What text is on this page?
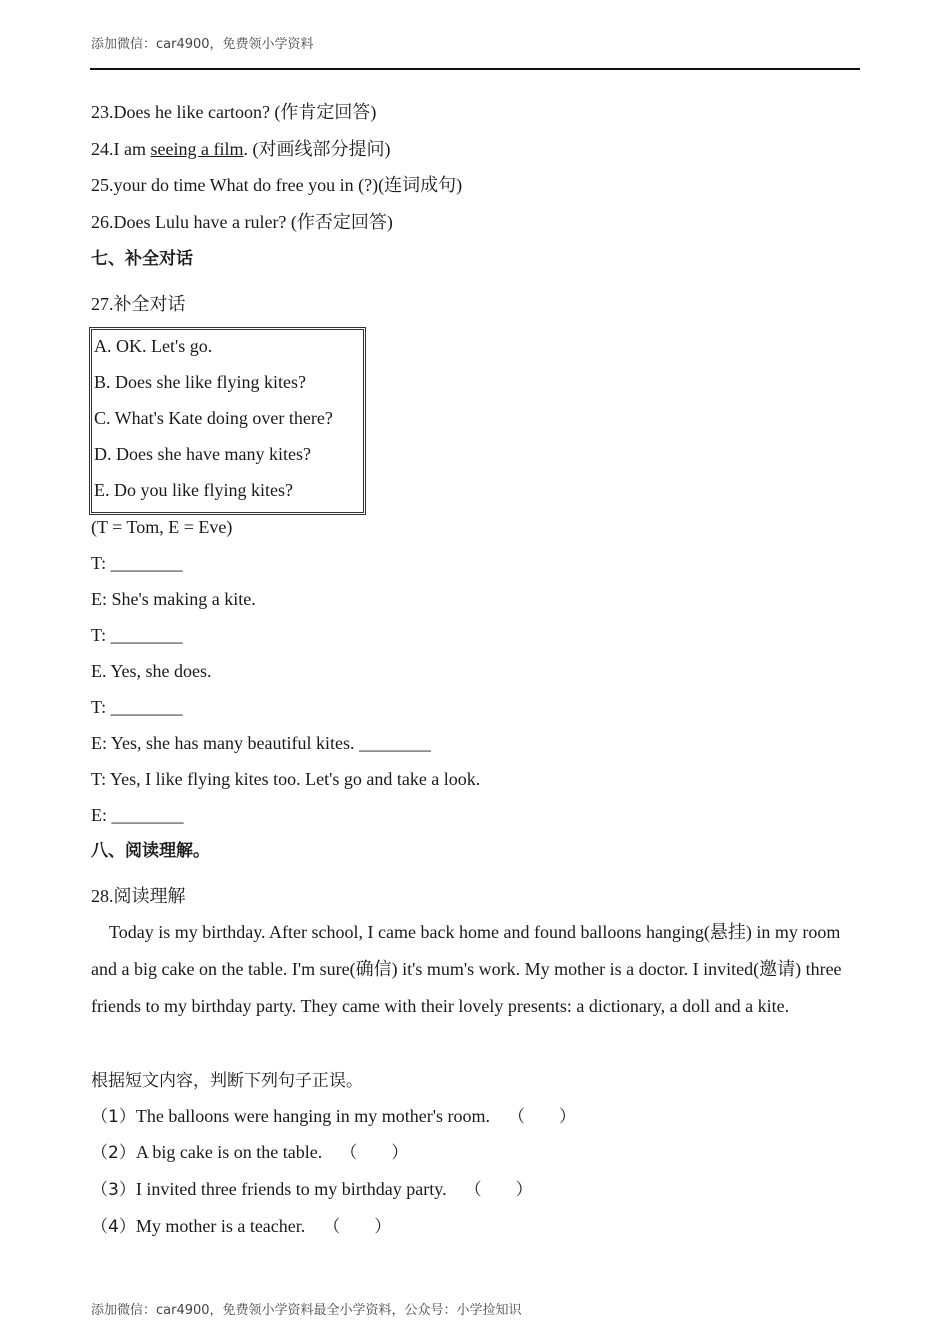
添加微信：car4900，免费领小学资料
23.Does he like cartoon? (作肯定回答)
24.I am seeing a film. (对画线部分提问)
25.your do time What do free you in (?)(连词成句)
26.Does Lulu have a ruler? (作否定回答)
七、补全对话
27.补全对话
A. OK. Let's go.
B. Does she like flying kites?
C. What's Kate doing over there?
D. Does she have many kites?
E. Do you like flying kites?
(T = Tom, E = Eve)
T: ________
E: She's making a kite.
T: ________
E. Yes, she does.
T: ________
E: Yes, she has many beautiful kites. ________
T: Yes, I like flying kites too. Let's go and take a look.
E: ________
八、阅读理解。
28.阅读理解
Today is my birthday. After school, I came back home and found balloons hanging(悬挂) in my room and a big cake on the table. I'm sure(确信) it's mum's work. My mother is a doctor. I invited(邀请) three friends to my birthday party. They came with their lovely presents: a dictionary, a doll and a kite.
根据短文内容，判断下列句子正误。
（1）The balloons were hanging in my mother's room. （　　）
（2）A big cake is on the table. （　　）
（3）I invited three friends to my birthday party. （　　）
（4）My mother is a teacher. （　　）
添加微信：car4900，免费领小学资料最全小学资料，公众号：小学捡知识
